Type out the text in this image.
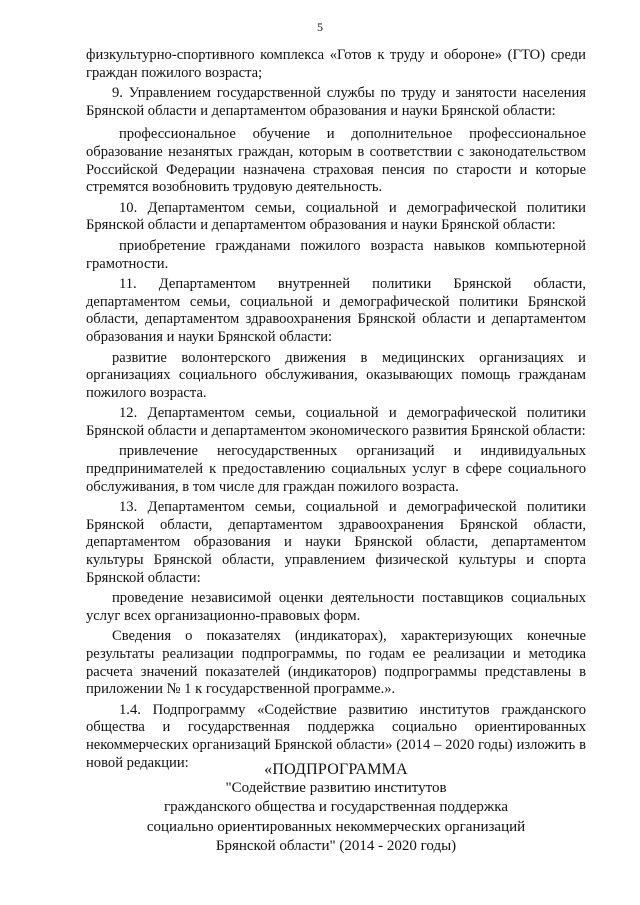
5

физкультурно-спортивного комплекса «Готов к труду и обороне» (ГТО) среди граждан пожилого возраста;

9. Управлением государственной службы по труду и занятости населения Брянской области и департаментом образования и науки Брянской области:

профессиональное обучение и дополнительное профессиональное образование незанятых граждан, которым в соответствии с законодательством Российской Федерации назначена страховая пенсия по старости и которые стремятся возобновить трудовую деятельность.

10. Департаментом семьи, социальной и демографической политики Брянской области и департаментом образования и науки Брянской области:

приобретение гражданами пожилого возраста навыков компьютерной грамотности.

11. Департаментом внутренней политики Брянской области, департаментом семьи, социальной и демографической политики Брянской области, департаментом здравоохранения Брянской области и департаментом образования и науки Брянской области:

развитие волонтерского движения в медицинских организациях и организациях социального обслуживания, оказывающих помощь гражданам пожилого возраста.

12. Департаментом семьи, социальной и демографической политики Брянской области и департаментом экономического развития Брянской области:

привлечение негосударственных организаций и индивидуальных предпринимателей к предоставлению социальных услуг в сфере социального обслуживания, в том числе для граждан пожилого возраста.

13. Департаментом семьи, социальной и демографической политики Брянской области, департаментом здравоохранения Брянской области, департаментом образования и науки Брянской области, департаментом культуры Брянской области, управлением физической культуры и спорта Брянской области:

проведение независимой оценки деятельности поставщиков социальных услуг всех организационно-правовых форм.

Сведения о показателях (индикаторах), характеризующих конечные результаты реализации подпрограммы, по годам ее реализации и методика расчета значений показателей (индикаторов) подпрограммы представлены в приложении № 1 к государственной программе.».

1.4. Подпрограмму «Содействие развитию институтов гражданского общества и государственная поддержка социально ориентированных некоммерческих организаций Брянской области» (2014 – 2020 годы) изложить в новой редакции:	«ПОДПРОГРАММА
"Содействие развитию институтов
гражданского общества и государственная поддержка
социально ориентированных некоммерческих организаций
Брянской области" (2014 - 2020 годы)
